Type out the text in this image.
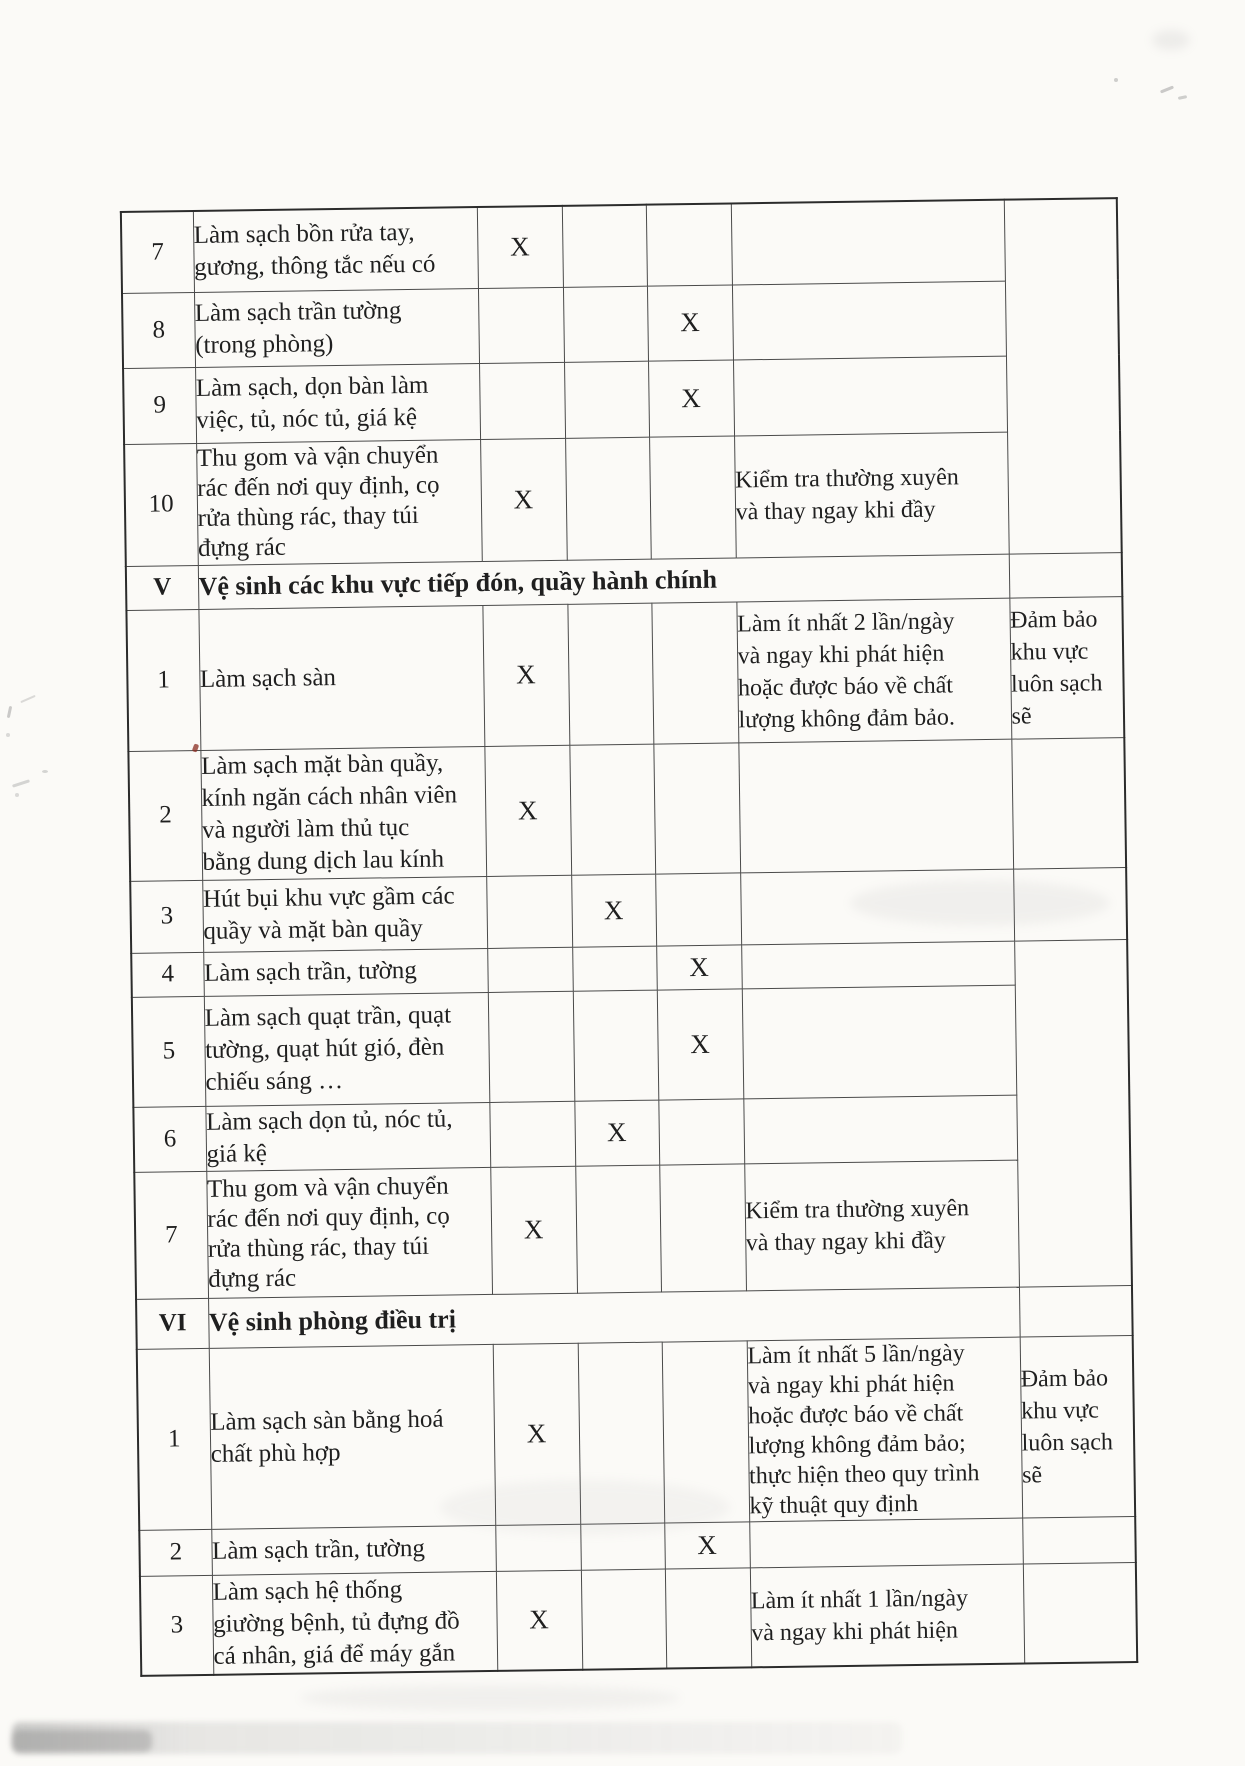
7	Làm sạch bồn rửa tay,
gương, thông tắc nếu có	X				
8	Làm sạch trần tường
(trong phòng)			X		
9	Làm sạch, dọn bàn làm
việc, tủ, nóc tủ, giá kệ			X		
10	Thu gom và vận chuyển
rác đến nơi quy định, cọ
rửa thùng rác, thay túi
đựng rác	X			Kiểm tra thường xuyên
và thay ngay khi đầy	
V	Vệ sinh các khu vực tiếp đón, quầy hành chính					
1	Làm sạch sàn	X			Làm ít nhất 2 lần/ngày
và ngay khi phát hiện
hoặc được báo về chất
lượng không đảm bảo.	Đảm bảo
khu vực
luôn sạch
sẽ
2	Làm sạch mặt bàn quầy,
kính ngăn cách nhân viên
và người làm thủ tục
bằng dung dịch lau kính	X				
3	Hút bụi khu vực gầm các
quầy và mặt bàn quầy		X			
4	Làm sạch trần, tường			X		
5	Làm sạch quạt trần, quạt
tường, quạt hút gió, đèn
chiếu sáng …			X		
6	Làm sạch dọn tủ, nóc tủ,
giá kệ		X			
7	Thu gom và vận chuyển
rác đến nơi quy định, cọ
rửa thùng rác, thay túi
đựng rác	X			Kiểm tra thường xuyên
và thay ngay khi đầy	
VI	Vệ sinh phòng điều trị					
1	Làm sạch sàn bằng hoá
chất phù hợp	X			Làm ít nhất 5 lần/ngày
và ngay khi phát hiện
hoặc được báo về chất
lượng không đảm bảo;
thực hiện theo quy trình
kỹ thuật quy định	Đảm bảo
khu vực
luôn sạch
sẽ
2	Làm sạch trần, tường			X		
3	Làm sạch hệ thống
giường bệnh, tủ đựng đồ
cá nhân, giá để máy gắn	X			Làm ít nhất 1 lần/ngày
và ngay khi phát hiện	
